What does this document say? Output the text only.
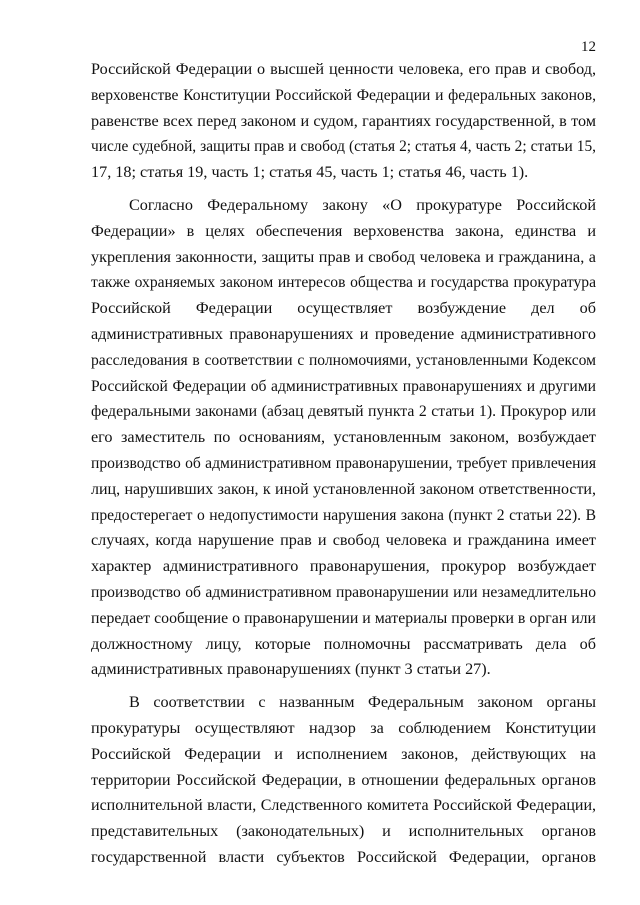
12
Российской Федерации о высшей ценности человека, его прав и свобод,
верховенстве Конституции Российской Федерации и федеральных законов,
равенстве всех перед законом и судом, гарантиях государственной, в том
числе судебной, защиты прав и свобод (статья 2; статья 4, часть 2; статьи 15,
17, 18; статья 19, часть 1; статья 45, часть 1; статья 46, часть 1).
Согласно Федеральному закону «О прокуратуре Российской
Федерации» в целях обеспечения верховенства закона, единства и
укрепления законности, защиты прав и свобод человека и гражданина, а
также охраняемых законом интересов общества и государства прокуратура
Российской Федерации осуществляет возбуждение дел об
административных правонарушениях и проведение административного
расследования в соответствии с полномочиями, установленными Кодексом
Российской Федерации об административных правонарушениях и другими
федеральными законами (абзац девятый пункта 2 статьи 1). Прокурор или
его заместитель по основаниям, установленным законом, возбуждает
производство об административном правонарушении, требует привлечения
лиц, нарушивших закон, к иной установленной законом ответственности,
предостерегает о недопустимости нарушения закона (пункт 2 статьи 22). В
случаях, когда нарушение прав и свобод человека и гражданина имеет
характер административного правонарушения, прокурор возбуждает
производство об административном правонарушении или незамедлительно
передает сообщение о правонарушении и материалы проверки в орган или
должностному лицу, которые полномочны рассматривать дела об
административных правонарушениях (пункт 3 статьи 27).
В соответствии с названным Федеральным законом органы
прокуратуры осуществляют надзор за соблюдением Конституции
Российской Федерации и исполнением законов, действующих на
территории Российской Федерации, в отношении федеральных органов
исполнительной власти, Следственного комитета Российской Федерации,
представительных (законодательных) и исполнительных органов
государственной власти субъектов Российской Федерации, органов
